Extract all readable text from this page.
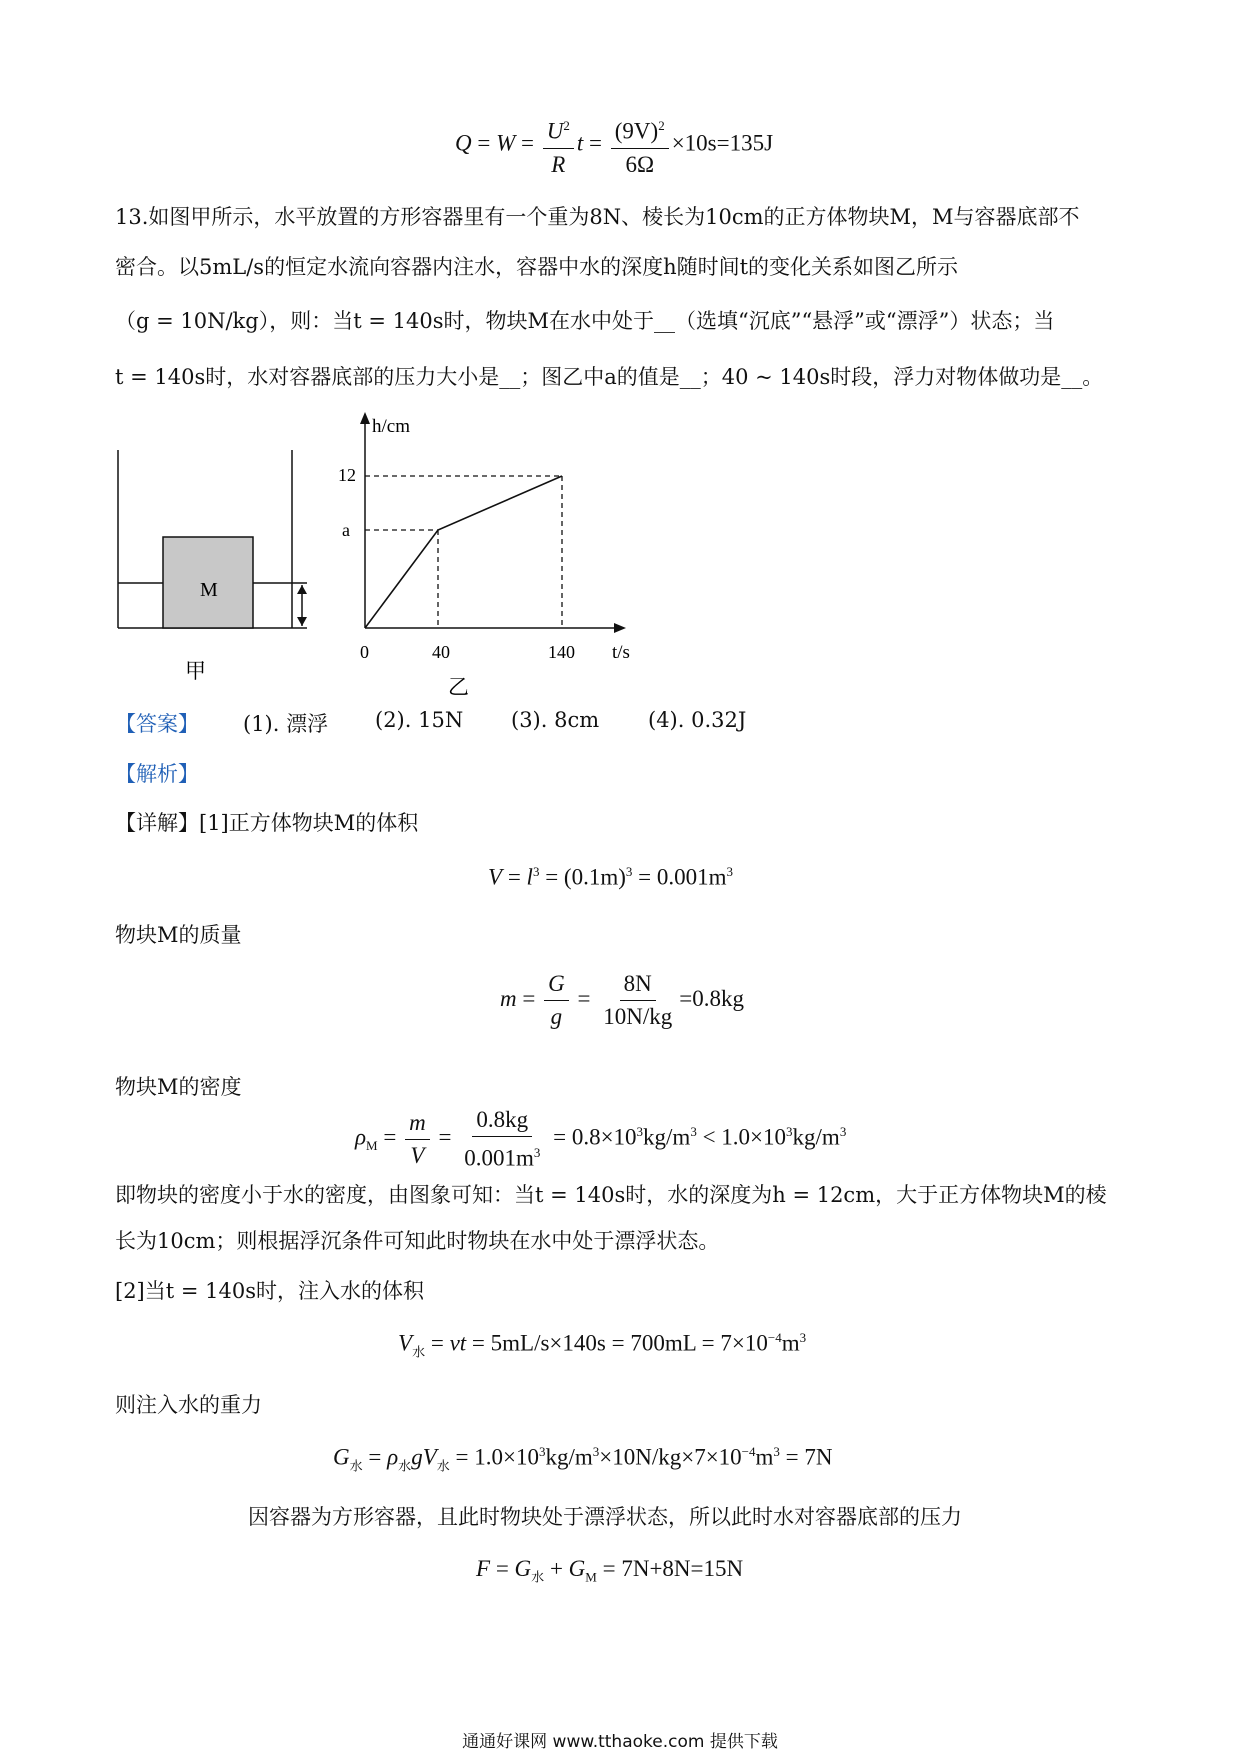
$Q = W = \frac{U^2}{R}$ $t = \frac{(9V)^2}{6\Omega} \times 10s=135J$
13.如图甲所示，水平放置的方形容器里有一个重为8N、棱长为10cm的正方体物块M，M与容器底部不
密合。以5mL/s的恒定水流向容器内注水，容器中水的深度h随时间t的变化关系如图乙所示
（g = 10N/kg），则：当t = 140s时，物块M在水中处于__（选填“沉底”“悬浮”或“漂浮”）状态；当
t = 140s时，水对容器底部的压力大小是__；图乙中a的值是__；40 ~ 140s时段，浮力对物体做功是__。
M
甲
h/cm
t/s
12
a
0	40	140
乙
【答案】 (1). 漂浮 (2). 15N (3). 8cm (4). 0.32J
【解析】
【详解】[1]正方体物块M的体积
$V = l^3 = (0.1m)^3 = 0.001m^3$
物块M的质量
$m = \frac{G}{g} = \frac{8N}{10N/kg} =0.8kg$
物块M的密度
$\rho_M = \frac{m}{V} = \frac{0.8kg}{0.001m^3} = 0.8\times 10^3kg/m^3 < 1.0\times 10^3kg/m^3$
即物块的密度小于水的密度，由图象可知：当t = 140s时，水的深度为h = 12cm，大于正方体物块M的棱
长为10cm；则根据浮沉条件可知此时物块在水中处于漂浮状态。
[2]当t = 140s时，注入水的体积
$V_水$ = vt = $5mL/s\times 140s = 700mL = 7\times 10^{-4}m^3$
则注入水的重力
$G_水 = \rho_水gV_水 = 1.0\times 10^3kg/m^3\times 10N/kg\times 7\times 10^{-4}m^3 = 7N$
因容器为方形容器，且此时物块处于漂浮状态，所以此时水对容器底部的压力
$F = G_水 + G_M = 7N+8N=15N$
通通好课网 www.tthaoke.com 提供下载
